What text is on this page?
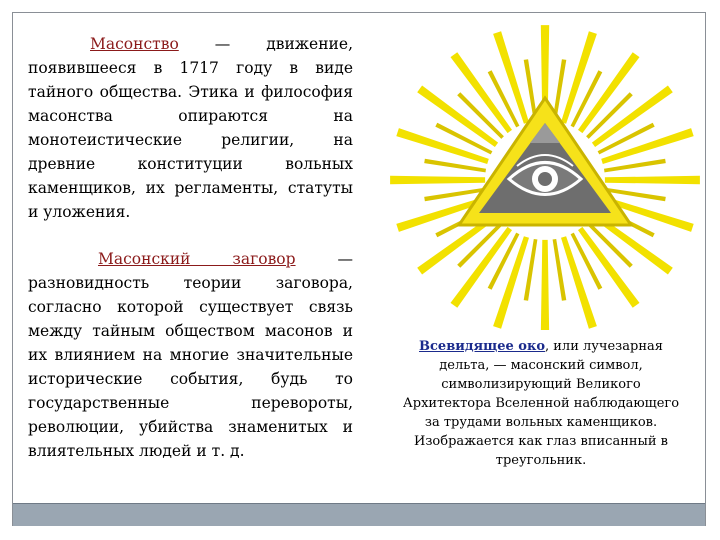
Масонство — движение, появившееся в 1717 году в виде тайного общества. Этика и философия масонства опираются на монотеистические религии, на древние конституции вольных каменщиков, их регламенты, статуты и уложения.

Масонский заговор — разновидность теории заговора, согласно которой существует связь между тайным обществом масонов и их влиянием на многие значительные исторические события, будь то государственные перевороты, революции, убийства знаменитых и влиятельных людей и т. д.

Всевидящее око, или лучезарная дельта, — масонский символ, символизирующий Великого Архитектора Вселенной наблюдающего за трудами вольных каменщиков. Изображается как глаз вписанный в треугольник.
